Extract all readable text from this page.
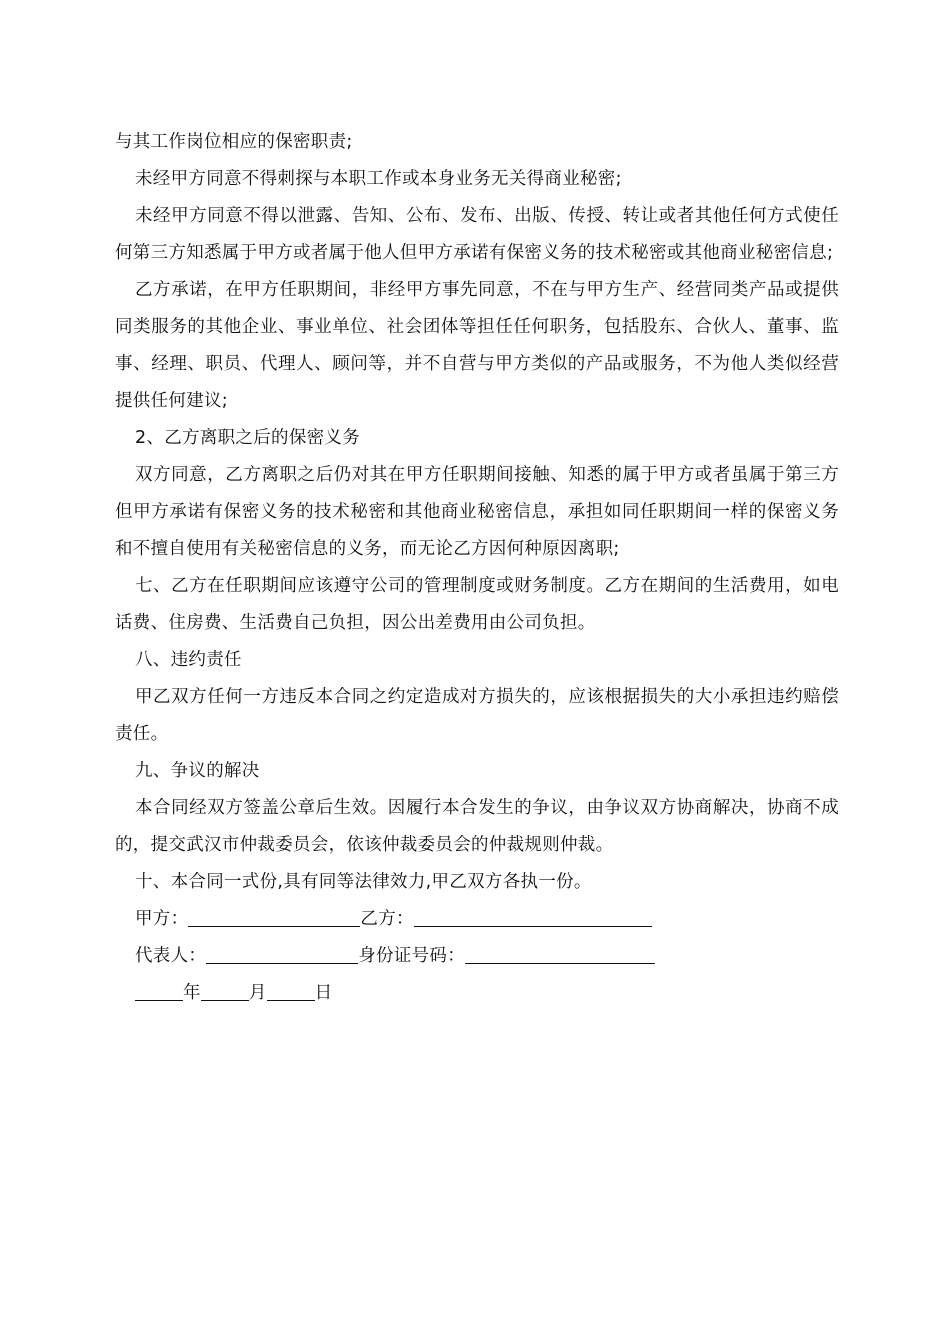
与其工作岗位相应的保密职责;

未经甲方同意不得刺探与本职工作或本身业务无关得商业秘密;

未经甲方同意不得以泄露、告知、公布、发布、出版、传授、转让或者其他任何方式使任何第三方知悉属于甲方或者属于他人但甲方承诺有保密义务的技术秘密或其他商业秘密信息;

乙方承诺，在甲方任职期间，非经甲方事先同意，不在与甲方生产、经营同类产品或提供同类服务的其他企业、事业单位、社会团体等担任任何职务，包括股东、合伙人、董事、监事、经理、职员、代理人、顾问等，并不自营与甲方类似的产品或服务，不为他人类似经营提供任何建议;

2、乙方离职之后的保密义务

双方同意，乙方离职之后仍对其在甲方任职期间接触、知悉的属于甲方或者虽属于第三方但甲方承诺有保密义务的技术秘密和其他商业秘密信息，承担如同任职期间一样的保密义务和不擅自使用有关秘密信息的义务，而无论乙方因何种原因离职;

七、乙方在任职期间应该遵守公司的管理制度或财务制度。乙方在期间的生活费用，如电话费、住房费、生活费自己负担，因公出差费用由公司负担。

八、违约责任

甲乙双方任何一方违反本合同之约定造成对方损失的，应该根据损失的大小承担违约赔偿责任。

九、争议的解决

本合同经双方签盖公章后生效。因履行本合发生的争议，由争议双方协商解决，协商不成的，提交武汉市仲裁委员会，依该仲裁委员会的仲裁规则仲裁。

十、本合同一式份,具有同等法律效力,甲乙双方各执一份。

甲方：	乙方：
代表人：	身份证号码：
年	月	日
